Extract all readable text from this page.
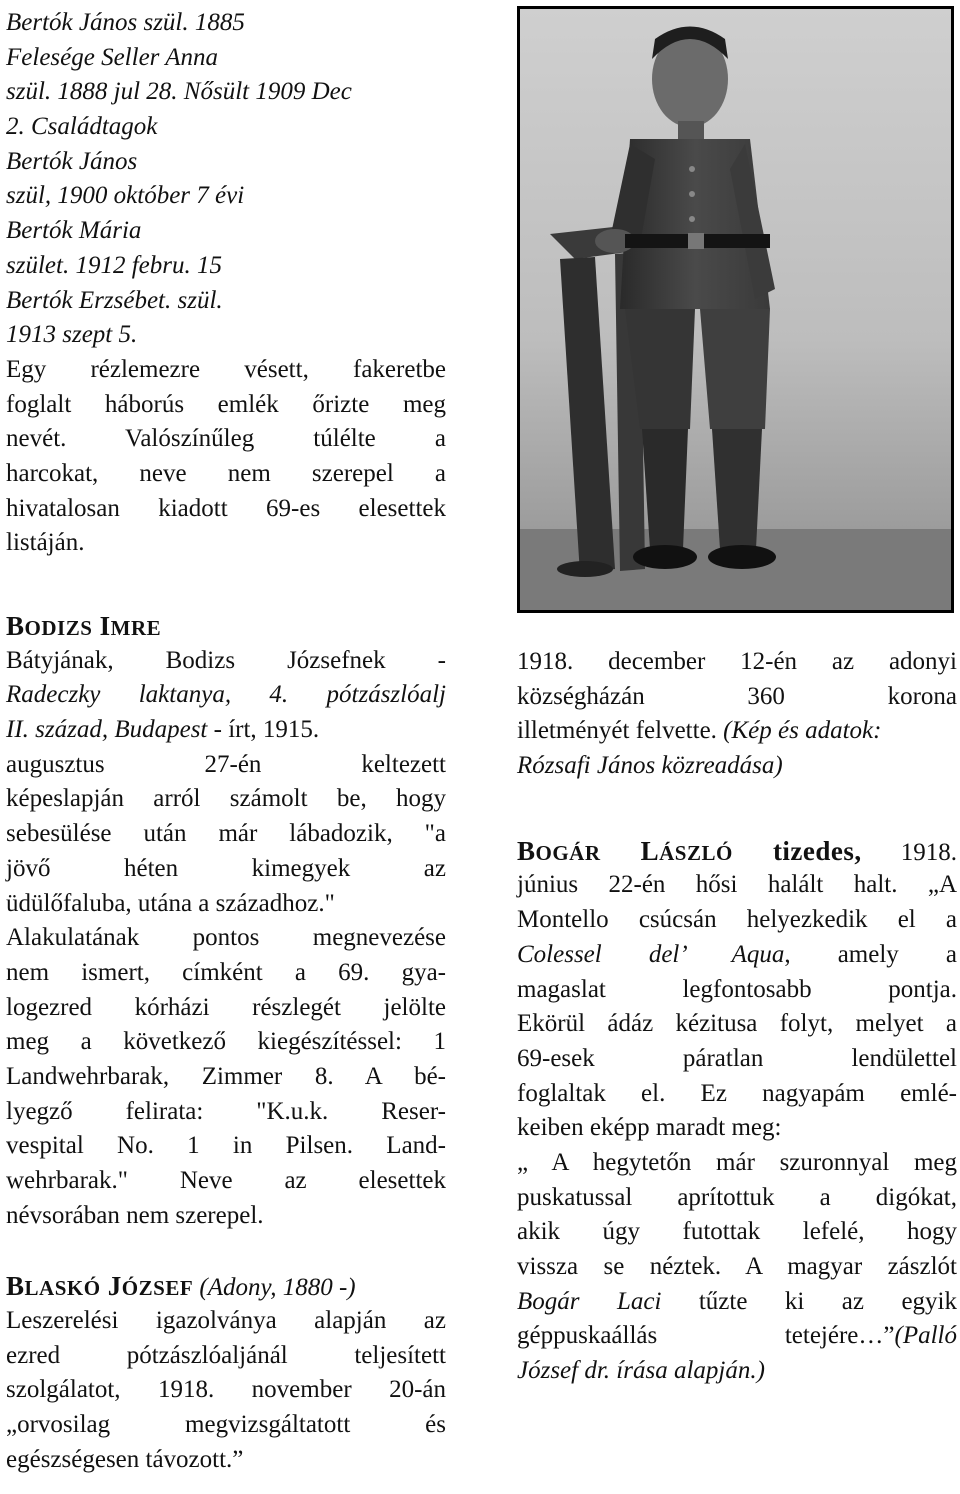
Bertók János szül. 1885
Felesége Seller Anna
szül. 1888 jul 28. Nősült 1909 Dec
2. Családtagok
Bertók János
szül, 1900 október 7 évi
Bertók Mária
szület. 1912 febru. 15
Bertók Erzsébet. szül.
1913 szept 5.
Egy rézlemezre vésett, fakeretbe
foglalt háborús emlék őrizte meg
nevét. Valószínűleg túlélte a
harcokat, neve nem szerepel a
hivatalosan kiadott 69-es elesettek
listáján.
BODIZS IMRE
Bátyjának, Bodizs Józsefnek -
Radeczky laktanya, 4. pótzászlóalj
II. század, Budapest - írt, 1915.
augusztus 27-én keltezett
képeslapján arról számolt be, hogy
sebesülése után már lábadozik, "a
jövő héten kimegyek az
üdülőfaluba, utána a századhoz."
Alakulatának pontos megnevezése
nem ismert, címként a 69. gya-
logezred kórházi részlegét jelölte
meg a következő kiegészítéssel: 1
Landwehrbarak, Zimmer 8. A bé-
lyegző felirata: "K.u.k. Reser-
vespital No. 1 in Pilsen. Land-
wehrbarak." Neve az elesettek
névsorában nem szerepel.
BLASKÓ JÓZSEF (Adony, 1880 -)
Leszerelési igazolványa alapján az
ezred pótzászlóaljánál teljesített
szolgálatot, 1918. november 20-án
„orvosilag megvizsgáltatott és
egészségesen távozott.”
1918. december 12-én az adonyi
községházán 360 korona
illetményét felvette. (Kép és adatok:
Rózsafi János közreadása)
BOGÁR LÁSZLÓ tizedes, 1918.
június 22-én hősi halált halt. „A
Montello csúcsán helyezkedik el a
Colessel del’ Aqua, amely a
magaslat legfontosabb pontja.
Ekörül ádáz kézitusa folyt, melyet a
69-esek páratlan lendülettel
foglaltak el. Ez nagyapám emlé-
keiben eképp maradt meg:
„ A hegytetőn már szuronnyal meg
puskatussal aprítottuk a digókat,
akik úgy futottak lefelé, hogy
vissza se néztek. A magyar zászlót
Bogár Laci tűzte ki az egyik
géppuskaállás tetejére…”(Palló
József dr. írása alapján.)
